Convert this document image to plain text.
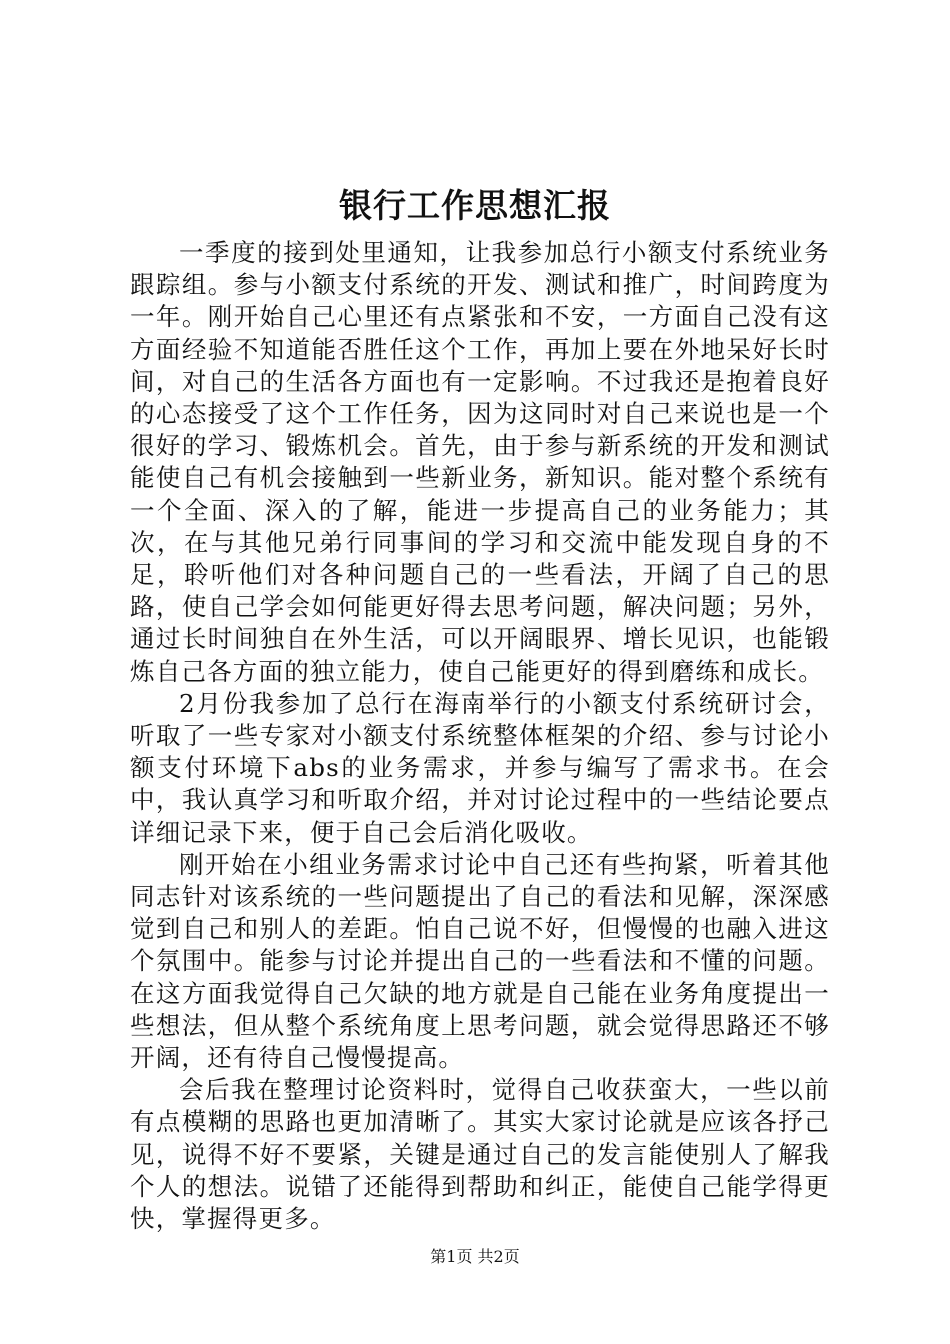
银行工作思想汇报

一季度的接到处里通知，让我参加总行小额支付系统业务跟踪组。参与小额支付系统的开发、测试和推广，时间跨度为一年。刚开始自己心里还有点紧张和不安，一方面自己没有这方面经验不知道能否胜任这个工作，再加上要在外地呆好长时间，对自己的生活各方面也有一定影响。不过我还是抱着良好的心态接受了这个工作任务，因为这同时对自己来说也是一个很好的学习、锻炼机会。首先，由于参与新系统的开发和测试能使自己有机会接触到一些新业务，新知识。能对整个系统有一个全面、深入的了解，能进一步提高自己的业务能力；其次，在与其他兄弟行同事间的学习和交流中能发现自身的不足，聆听他们对各种问题自己的一些看法，开阔了自己的思路，使自己学会如何能更好得去思考问题，解决问题；另外，通过长时间独自在外生活，可以开阔眼界、增长见识，也能锻炼自己各方面的独立能力，使自己能更好的得到磨练和成长。

2月份我参加了总行在海南举行的小额支付系统研讨会，听取了一些专家对小额支付系统整体框架的介绍、参与讨论小额支付环境下abs的业务需求，并参与编写了需求书。在会中，我认真学习和听取介绍，并对讨论过程中的一些结论要点详细记录下来，便于自己会后消化吸收。

刚开始在小组业务需求讨论中自己还有些拘紧，听着其他同志针对该系统的一些问题提出了自己的看法和见解，深深感觉到自己和别人的差距。怕自己说不好，但慢慢的也融入进这个氛围中。能参与讨论并提出自己的一些看法和不懂的问题。在这方面我觉得自己欠缺的地方就是自己能在业务角度提出一些想法，但从整个系统角度上思考问题，就会觉得思路还不够开阔，还有待自己慢慢提高。

会后我在整理讨论资料时，觉得自己收获蛮大，一些以前有点模糊的思路也更加清晰了。其实大家讨论就是应该各抒己见，说得不好不要紧，关键是通过自己的发言能使别人了解我个人的想法。说错了还能得到帮助和纠正，能使自己能学得更快，掌握得更多。

第1页 共2页
